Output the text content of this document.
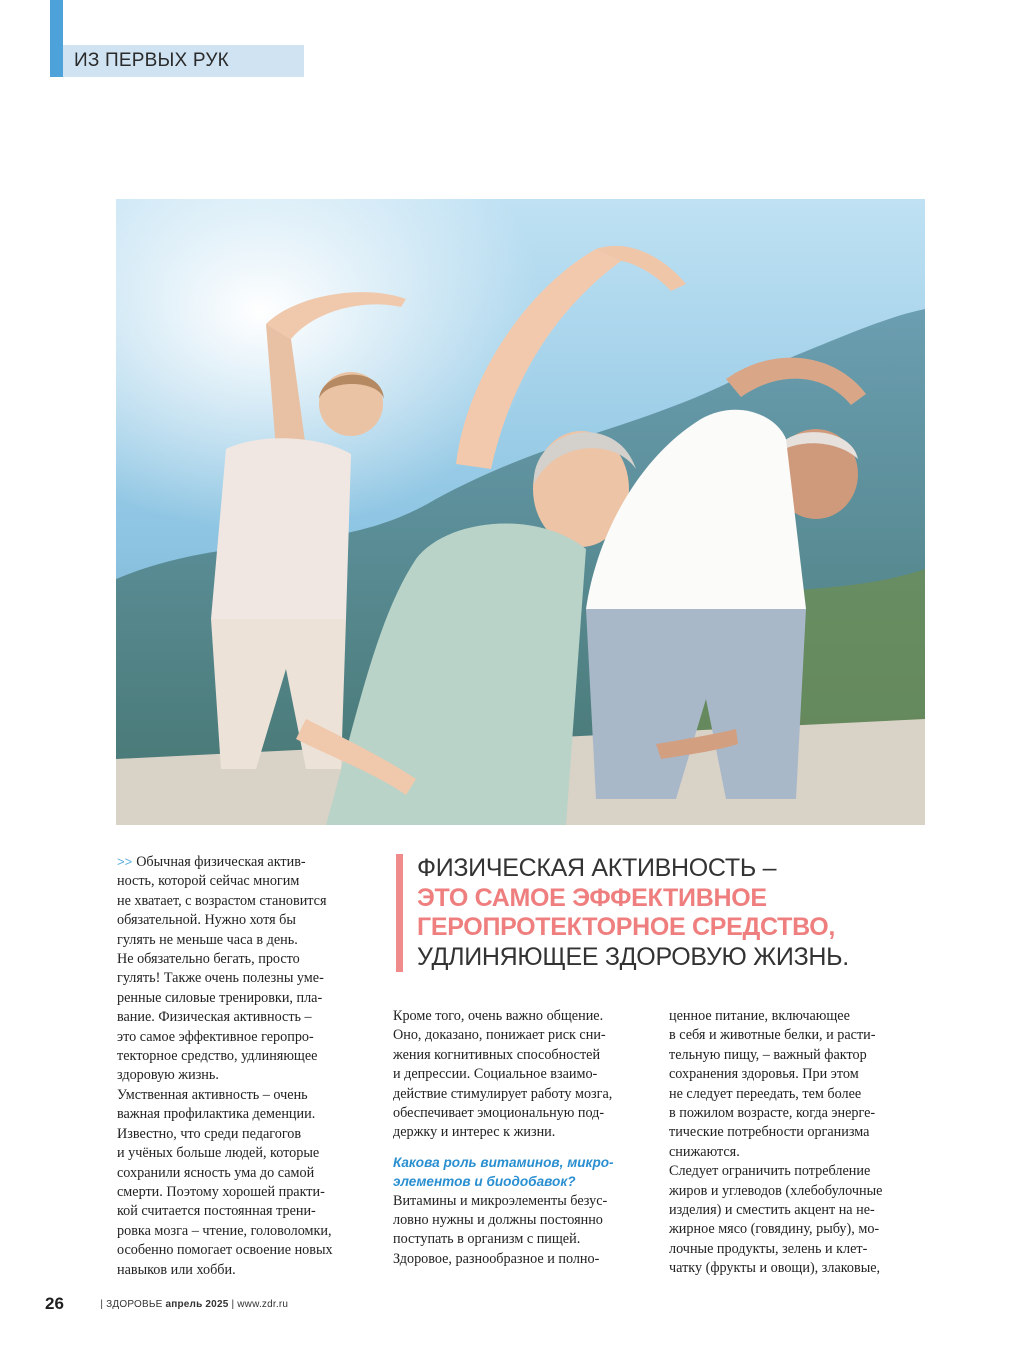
ИЗ ПЕРВЫХ РУК

>> Обычная физическая актив-

ность, которой сейчас многим

не хватает, с возрастом становится

обязательной. Нужно хотя бы

гулять не меньше часа в день.

Не обязательно бегать, просто

гулять! Также очень полезны уме-

ренные силовые тренировки, пла-

вание. Физическая активность –

это самое эффективное геропро-

текторное средство, удлиняющее

здоровую жизнь.

Умственная активность – очень

важная профилактика деменции.

Известно, что среди педагогов

и учёных больше людей, которые

сохранили ясность ума до самой

смерти. Поэтому хорошей практи-

кой считается постоянная трени-

ровка мозга – чтение, головоломки,

особенно помогает освоение новых

навыков или хобби.

ФИЗИЧЕСКАЯ АКТИВНОСТЬ –
ЭТО САМОЕ ЭФФЕКТИВНОЕ
ГЕРОПРОТЕКТОРНОЕ СРЕДСТВО,
УДЛИНЯЮЩЕЕ ЗДОРОВУЮ ЖИЗНЬ.

Кроме того, очень важно общение.

Оно, доказано, понижает риск сни-

жения когнитивных способностей

и депрессии. Социальное взаимо-

действие стимулирует работу мозга,

обеспечивает эмоциональную под-

держку и интерес к жизни.

Какова роль витаминов, микро-
элементов и биодобавок?

Витамины и микроэлементы безус-

ловно нужны и должны постоянно

поступать в организм с пищей.

Здоровое, разнообразное и полно-

ценное питание, включающее

в себя и животные белки, и расти-

тельную пищу, – важный фактор

сохранения здоровья. При этом

не следует переедать, тем более

в пожилом возрасте, когда энерге-

тические потребности организма

снижаются.

Следует ограничить потребление

жиров и углеводов (хлебобулочные

изделия) и сместить акцент на не-

жирное мясо (говядину, рыбу), мо-

лочные продукты, зелень и клет-

чатку (фрукты и овощи), злаковые,

26	| ЗДОРОВЬЕ апрель 2025 | www.zdr.ru
